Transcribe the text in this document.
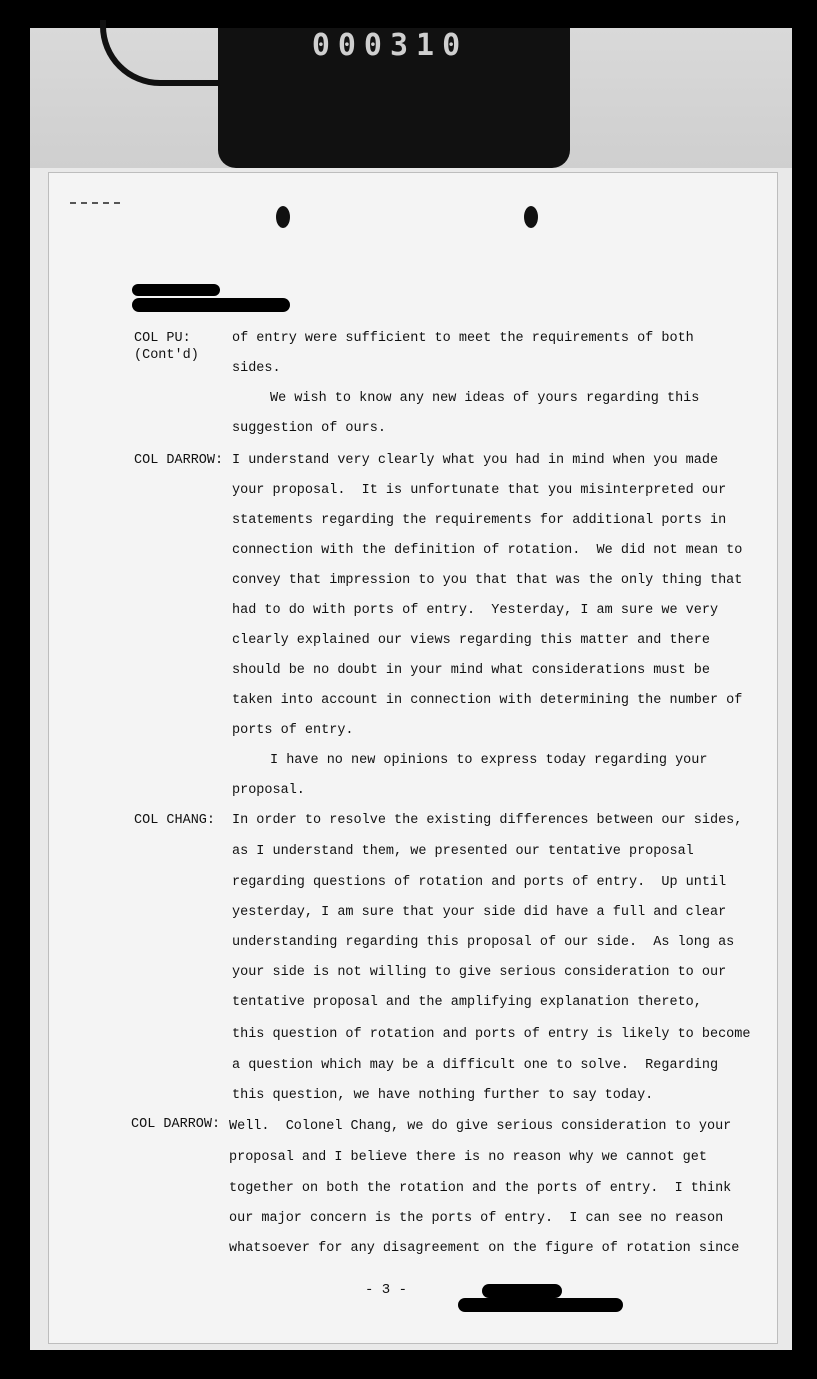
000310
COL PU:
(Cont'd)
COL DARROW:
COL CHANG:
COL DARROW:
of entry were sufficient to meet the requirements of both
sides.
We wish to know any new ideas of yours regarding this
suggestion of ours.
I understand very clearly what you had in mind when you made
your proposal.  It is unfortunate that you misinterpreted our
statements regarding the requirements for additional ports in
connection with the definition of rotation.  We did not mean to
convey that impression to you that that was the only thing that
had to do with ports of entry.  Yesterday, I am sure we very
clearly explained our views regarding this matter and there
should be no doubt in your mind what considerations must be
taken into account in connection with determining the number of
ports of entry.
I have no new opinions to express today regarding your
proposal.
In order to resolve the existing differences between our sides,
as I understand them, we presented our tentative proposal
regarding questions of rotation and ports of entry.  Up until
yesterday, I am sure that your side did have a full and clear
understanding regarding this proposal of our side.  As long as
your side is not willing to give serious consideration to our
tentative proposal and the amplifying explanation thereto,
this question of rotation and ports of entry is likely to become
a question which may be a difficult one to solve.  Regarding
this question, we have nothing further to say today.
Well.  Colonel Chang, we do give serious consideration to your
proposal and I believe there is no reason why we cannot get
together on both the rotation and the ports of entry.  I think
our major concern is the ports of entry.  I can see no reason
whatsoever for any disagreement on the figure of rotation since
- 3 -
